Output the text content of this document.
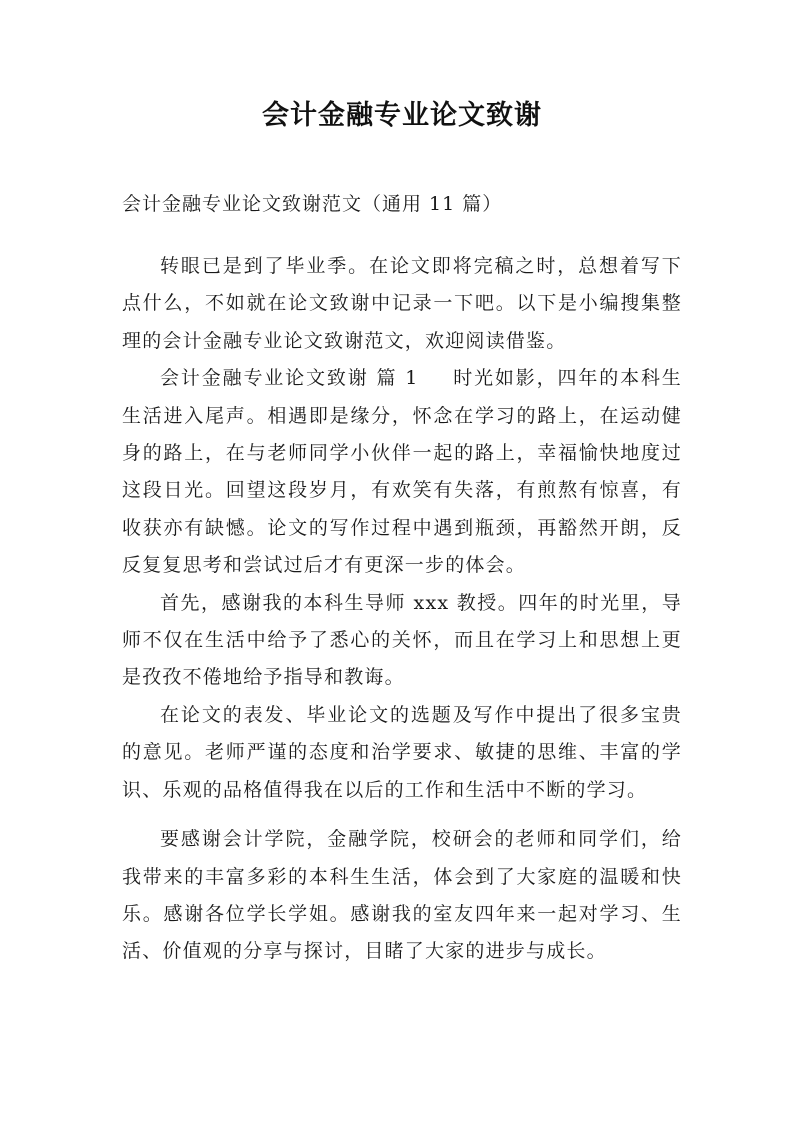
会计金融专业论文致谢

会计金融专业论文致谢范文（通用 11 篇）

转眼已是到了毕业季。在论文即将完稿之时，总想着写下点什么，不如就在论文致谢中记录一下吧。以下是小编搜集整理的会计金融专业论文致谢范文，欢迎阅读借鉴。

会计金融专业论文致谢 篇 1 时光如影，四年的本科生生活进入尾声。相遇即是缘分，怀念在学习的路上，在运动健身的路上，在与老师同学小伙伴一起的路上，幸福愉快地度过这段日光。回望这段岁月，有欢笑有失落，有煎熬有惊喜，有收获亦有缺憾。论文的写作过程中遇到瓶颈，再豁然开朗，反反复复思考和尝试过后才有更深一步的体会。

首先，感谢我的本科生导师 xxx 教授。四年的时光里，导师不仅在生活中给予了悉心的关怀，而且在学习上和思想上更是孜孜不倦地给予指导和教诲。

在论文的表发、毕业论文的选题及写作中提出了很多宝贵的意见。老师严谨的态度和治学要求、敏捷的思维、丰富的学识、乐观的品格值得我在以后的工作和生活中不断的学习。

要感谢会计学院，金融学院，校研会的老师和同学们，给我带来的丰富多彩的本科生生活，体会到了大家庭的温暖和快乐。感谢各位学长学姐。感谢我的室友四年来一起对学习、生活、价值观的分享与探讨，目睹了大家的进步与成长。
